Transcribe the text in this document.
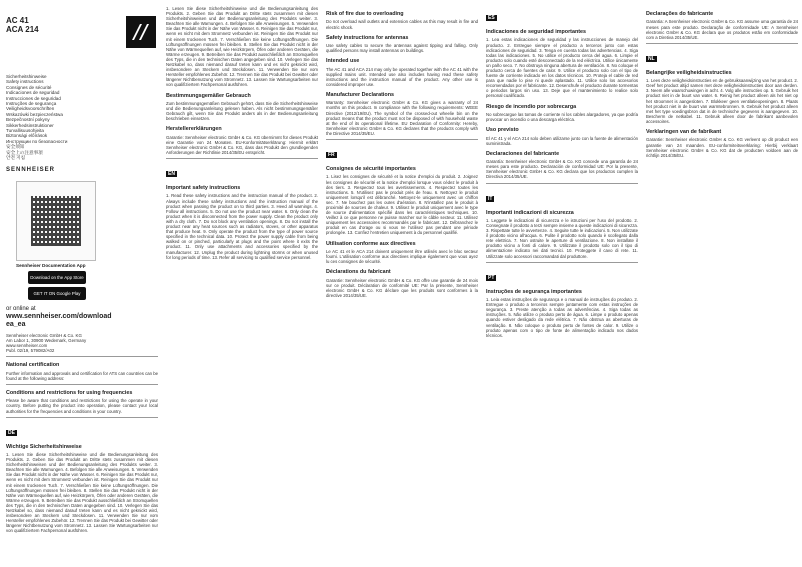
AC 41
ACA 214
Sicherheitshinweise
Safety instructions
Consignes de sécurité
Indicaciones de seguridad
Instrucciones de seguridad
Instruções de segurança
Veiligheidsvoorschriften
Wskazówki bezpieczeństwa
Bezpečnostní pokyny
Sikkerhedsinstruktioner
Turvallisuusohjeita
Biztonsági előírások
Инструкции по безопасности
安全须知
安全上の注意事項
안전 지침
SENNHEISER
Sennheiser Documentation App
Download on the App Store
GET IT ON Google Play
or online at
www.sennheiser.com/download
ea_ea
Sennheiser electronic GmbH & Co. KG
Am Labor 1, 30900 Wedemark, Germany
www.sennheiser.com
Publ. 02/19, 579082/A02
National certification
Further information and approvals and certification for ATS can countries can be found at the following address:
Conditions and restrictions for using frequencies
Please be aware that conditions and restrictions for using the operate in your country. Before putting the product into operation, please contact your local authorities for the frequencies and conditions in your country.
DE
Wichtige Sicherheitshinweise
1. Lesen Sie diese Sicherheitshinweise und die Bedienungsanleitung des Produkts. 2. Geben Sie das Produkt an Dritte stets zusammen mit diesen Sicherheitshinweisen und der Bedienungsanleitung des Produkts weiter. 3. Beachten Sie alle Warnungen. 4. Befolgen Sie alle Anweisungen. 5. Verwenden Sie das Produkt nicht in der Nähe von Wasser. 6. Reinigen Sie das Produkt nur, wenn es nicht mit dem Stromnetz verbunden ist. Reinigen Sie das Produkt nur mit einem trockenen Tuch. 7. Verschließen Sie keine Lüftungsöffnungen. Die Lüftungsöffnungen müssen frei bleiben. 8. Stellen Sie das Produkt nicht in der Nähe von Wärmequellen auf, wie Heizkörpern, Öfen oder anderen Geräten, die Wärme erzeugen. 9. Betreiben Sie das Produkt ausschließlich an Stromquellen des Typs, die in den technischen Daten angegeben sind. 10. Verlegen Sie das Netzkabel so, dass niemand darauf treten kann und es nicht geknickt wird, insbesondere an Steckern und Steckdosen. 11. Verwenden Sie nur vom Hersteller empfohlenes Zubehör. 12. Trennen Sie das Produkt bei Gewitter oder längerer Nichtbenutzung vom Stromnetz. 13. Lassen Sie Wartungsarbeiten nur von qualifiziertem Fachpersonal ausführen.
1. Lesen Sie diese Sicherheitshinweise und die Bedienungsanleitung des Produkts. 2. Geben Sie das Produkt an Dritte stets zusammen mit diesen Sicherheitshinweisen und der Bedienungsanleitung des Produkts weiter. 3. Beachten Sie alle Warnungen. 4. Befolgen Sie alle Anweisungen. 5. Verwenden Sie das Produkt nicht in der Nähe von Wasser. 6. Reinigen Sie das Produkt nur, wenn es nicht mit dem Stromnetz verbunden ist. Reinigen Sie das Produkt nur mit einem trockenen Tuch. 7. Verschließen Sie keine Lüftungsöffnungen. Die Lüftungsöffnungen müssen frei bleiben. 8. Stellen Sie das Produkt nicht in der Nähe von Wärmequellen auf, wie Heizkörpern, Öfen oder anderen Geräten, die Wärme erzeugen. 9. Betreiben Sie das Produkt ausschließlich an Stromquellen des Typs, die in den technischen Daten angegeben sind. 10. Verlegen Sie das Netzkabel so, dass niemand darauf treten kann und es nicht geknickt wird, insbesondere an Steckern und Steckdosen. 11. Verwenden Sie nur vom Hersteller empfohlenes Zubehör. 12. Trennen Sie das Produkt bei Gewitter oder längerer Nichtbenutzung vom Stromnetz. 13. Lassen Sie Wartungsarbeiten nur von qualifiziertem Fachpersonal ausführen.
Bestimmungsgemäßer Gebrauch
Zum bestimmungsgemäßen Gebrauch gehört, dass Sie die Sicherheitshinweise und die Bedienungsanleitung gelesen haben. Als nicht bestimmungsgemäßer Gebrauch gilt, wenn Sie das Produkt anders als in der Bedienungsanleitung beschrieben einsetzen.
Herstellererklärungen
Garantie: Sennheiser electronic GmbH & Co. KG übernimmt für dieses Produkt eine Garantie von 24 Monaten. EU-Konformitätserklärung: Hiermit erklärt Sennheiser electronic GmbH & Co. KG, dass das Produkt den grundlegenden Anforderungen der Richtlinie 2014/35/EU entspricht.
EN
Important safety instructions
1. Read these safety instructions and the instruction manual of the product. 2. Always include these safety instructions and the instruction manual of the product when passing the product on to third parties. 3. Heed all warnings. 4. Follow all instructions. 5. Do not use the product near water. 6. Only clean the product when it is disconnected from the power supply. Clean the product only with a dry cloth. 7. Do not block any ventilation openings. 8. Do not install the product near any heat sources such as radiators, stoves, or other apparatus that produce heat. 9. Only operate the product from the type of power source specified in the technical data. 10. Protect the power supply cable from being walked on or pinched, particularly at plugs and the point where it exits the product. 11. Only use attachments and accessories specified by the manufacturer. 12. Unplug the product during lightning storms or when unused for long periods of time. 13. Refer all servicing to qualified service personnel.
Risk of fire due to overloading
Do not overload wall outlets and extension cables as this may result in fire and electric shock.
Safety instructions for antennas
Use safety cables to secure the antennas against tipping and falling. Only qualified persons may install antennas on buildings.
Intended use
The AC 41 and ACA 214 may only be operated together with the AC 41 with the supplied mains unit. Intended use also includes having read these safety instructions and the instruction manual of the product. Any other use is considered improper use.
Manufacturer Declarations
Warranty: Sennheiser electronic GmbH & Co. KG gives a warranty of 24 months on this product. In compliance with the following requirements: WEEE Directive (2012/19/EU). The symbol of the crossed-out wheelie bin on the product means that the product must not be disposed of with household waste at the end of its operational lifetime. EU Declaration of Conformity: Hereby, Sennheiser electronic GmbH & Co. KG declares that the products comply with the Directive 2014/35/EU.
FR
Consignes de sécurité importantes
1. Lisez les consignes de sécurité et la notice d'emploi du produit. 2. Joignez les consignes de sécurité et la notice d'emploi lorsque vous cédez le produit à des tiers. 3. Respectez tous les avertissements. 4. Respectez toutes les instructions. 5. N'utilisez pas le produit près de l'eau. 6. Nettoyez le produit uniquement lorsqu'il est débranché. Nettoyez-le uniquement avec un chiffon sec. 7. Ne bouchez pas les ouïes d'aération. 8. N'installez pas le produit à proximité de sources de chaleur. 9. Utilisez le produit uniquement avec le type de source d'alimentation spécifié dans les caractéristiques techniques. 10. Veillez à ce que personne ne puisse marcher sur le câble secteur. 11. Utilisez uniquement les accessoires recommandés par le fabricant. 12. Débranchez le produit en cas d'orage ou si vous ne l'utilisez pas pendant une période prolongée. 13. Confiez l'entretien uniquement à du personnel qualifié.
Utilisation conforme aux directives
Le AC 41 et le ACA 214 doivent uniquement être utilisés avec le bloc secteur fourni. L'utilisation conforme aux directives implique également que vous ayez lu ces consignes de sécurité.
Déclarations du fabricant
Garantie: Sennheiser electronic GmbH & Co. KG offre une garantie de 24 mois sur ce produit. Déclaration de conformité UE: Par la présente, Sennheiser electronic GmbH & Co. KG déclare que les produits sont conformes à la directive 2014/35/UE.
ES
Indicaciones de seguridad importantes
1. Lea estas indicaciones de seguridad y las instrucciones de manejo del producto. 2. Entregue siempre el producto a terceros junto con estas indicaciones de seguridad. 3. Tenga en cuenta todas las advertencias. 4. Siga todas las indicaciones. 5. No utilice el producto cerca del agua. 6. Limpie el producto solo cuando esté desconectado de la red eléctrica. Utilice únicamente un paño seco. 7. No obstruya ninguna abertura de ventilación. 8. No coloque el producto cerca de fuentes de calor. 9. Utilice el producto solo con el tipo de fuente de corriente indicado en los datos técnicos. 10. Proteja el cable de red para que nadie lo pise ni quede aplastado. 11. Utilice solo los accesorios recomendados por el fabricante. 12. Desenchufe el producto durante tormentas o periodos largos sin uso. 13. Deje que el mantenimiento lo realice solo personal cualificado.
Riesgo de incendio por sobrecarga
No sobrecargue las tomas de corriente ni los cables alargadores, ya que podría provocar un incendio o una descarga eléctrica.
Uso previsto
El AC 41 y el ACA 214 solo deben utilizarse junto con la fuente de alimentación suministrada.
Declaraciones del fabricante
Garantía: Sennheiser electronic GmbH & Co. KG concede una garantía de 24 meses para este producto. Declaración de conformidad UE: Por la presente, Sennheiser electronic GmbH & Co. KG declara que los productos cumplen la Directiva 2014/35/UE.
IT
Importanti indicazioni di sicurezza
1. Leggete le indicazioni di sicurezza e le istruzioni per l'uso del prodotto. 2. Consegnate il prodotto a terzi sempre insieme a queste indicazioni di sicurezza. 3. Rispettate tutte le avvertenze. 4. Seguite tutte le indicazioni. 5. Non utilizzate il prodotto vicino all'acqua. 6. Pulite il prodotto solo quando è scollegato dalla rete elettrica. 7. Non ostruite le aperture di ventilazione. 8. Non installate il prodotto vicino a fonti di calore. 9. Utilizzate il prodotto solo con il tipo di alimentazione indicato nei dati tecnici. 10. Proteggete il cavo di rete. 11. Utilizzate solo accessori raccomandati dal produttore.
PT
Instruções de segurança importantes
1. Leia estas instruções de segurança e o manual de instruções do produto. 2. Entregue o produto a terceiros sempre juntamente com estas instruções de segurança. 3. Preste atenção a todas as advertências. 4. Siga todas as instruções. 5. Não utilize o produto perto de água. 6. Limpe o produto apenas quando estiver desligado da rede elétrica. 7. Não obstrua as aberturas de ventilação. 8. Não coloque o produto perto de fontes de calor. 9. Utilize o produto apenas com o tipo de fonte de alimentação indicado nos dados técnicos.
Declarações do fabricante
Garantia: A Sennheiser electronic GmbH & Co. KG assume uma garantia de 24 meses para este produto. Declaração de conformidade UE: A Sennheiser electronic GmbH & Co. KG declara que os produtos estão em conformidade com a Diretiva 2014/35/UE.
NL
Belangrijke veiligheidsinstructies
1. Lees deze veiligheidsinstructies en de gebruiksaanwijzing van het product. 2. Geef het product altijd samen met deze veiligheidsinstructies door aan derden. 3. Neem alle waarschuwingen in acht. 4. Volg alle instructies op. 5. Gebruik het product niet in de buurt van water. 6. Reinig het product alleen als het niet op het stroomnet is aangesloten. 7. Blokkeer geen ventilatieopeningen. 8. Plaats het product niet in de buurt van warmtebronnen. 9. Gebruik het product alleen met het type voedingsbron dat in de technische gegevens is aangegeven. 10. Bescherm de netkabel. 11. Gebruik alleen door de fabrikant aanbevolen accessoires.
Verklaringen van de fabrikant
Garantie: Sennheiser electronic GmbH & Co. KG verleent op dit product een garantie van 24 maanden. EU-conformiteitsverklaring: Hierbij verklaart Sennheiser electronic GmbH & Co. KG dat de producten voldoen aan de richtlijn 2014/35/EU.
